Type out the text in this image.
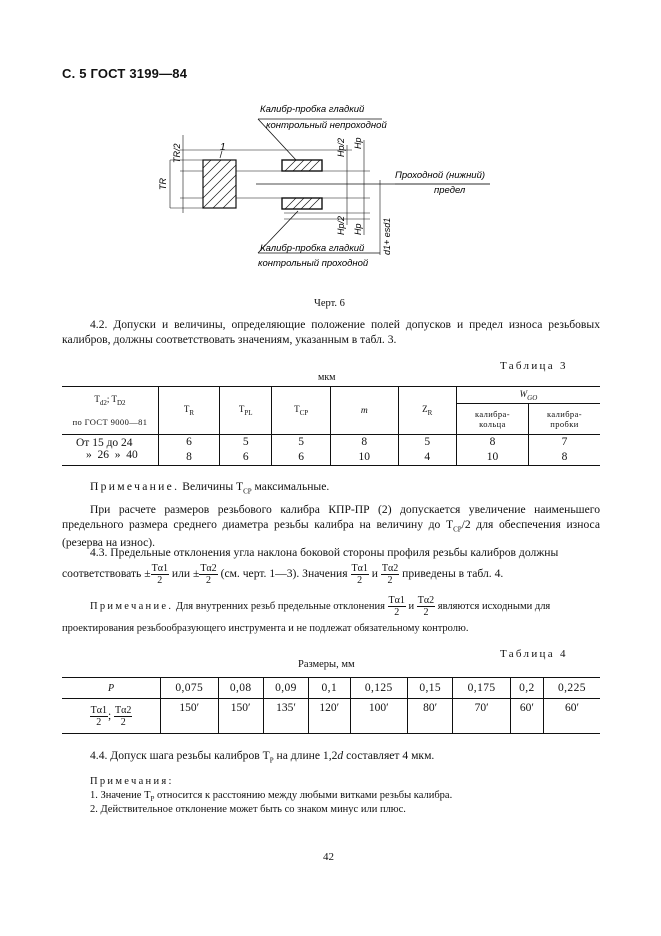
С. 5 ГОСТ 3199—84
Калибр-пробка гладкий
контрольный непроходной
Проходной (нижний)
предел
Калибр-пробка гладкий
контрольный проходной
1
TR/2
TR
Hp/2 Hp
Hp/2 Hp d1+ esd1
Черт. 6
4.2. Допуски и величины, определяющие положение полей допусков и предел износа резьбовых калибров, должны соответствовать значениям, указанным в табл. 3.
Таблица 3
мкм
$T_{d2}$; $T_{D2}$

по ГОСТ 9000—81	$T_R$	$T_{PL}$	$T_{CP}$	m	$Z_R$	$W_{GO}$
						калибра-кольца	калибра-пробки
От 15 до 24	6	5	5	8	5	8	7
»  26  »  40	8	6	6	10	4	10	8
Примечание. Величины $T_{CP}$ максимальные.
При расчете размеров резьбового калибра КПР-ПР (2) допускается увеличение наименьшего предельного размера среднего диаметра резьбы калибра на величину до $T_{CP}/2$ для обеспечения износа (резерва на износ).
4.3. Предельные отклонения угла наклона боковой стороны профиля резьбы калибров должны
соответствовать ± $\frac{T\alpha 1}{2}$ или ± $\frac{T\alpha 2}{2} (см$. черт. 1—3). Значения $\frac{T\alpha 1}{2}$ и $\frac{T\alpha 2}{2}$ приведены в табл. 4.
Примечание. Для внутренних резьб предельные отклонения $\frac{T\alpha 1}{2}$ и $\frac{T\alpha 2}{2}$ являются исходными для
проектирования резьбообразующего инструмента и не подлежат обязательному контролю.
Таблица 4
Размеры, мм
P	0,075	0,08	0,09	0,1	0,125	0,15	0,175	0,2	0,225

$\frac{T\alpha 1}{2}$ ; $\frac{T\alpha 2}{2}$	150′	150′	135′	120′	100′	80′	70′	60′	60′
4.4. Допуск шага резьбы калибров $T_P$ на длине 1,2d составляет 4 мкм.
Примечания:
1. Значение $T_P$ относится к расстоянию между любыми витками резьбы калибра.
2. Действительное отклонение может быть со знаком минус или плюс.
42
